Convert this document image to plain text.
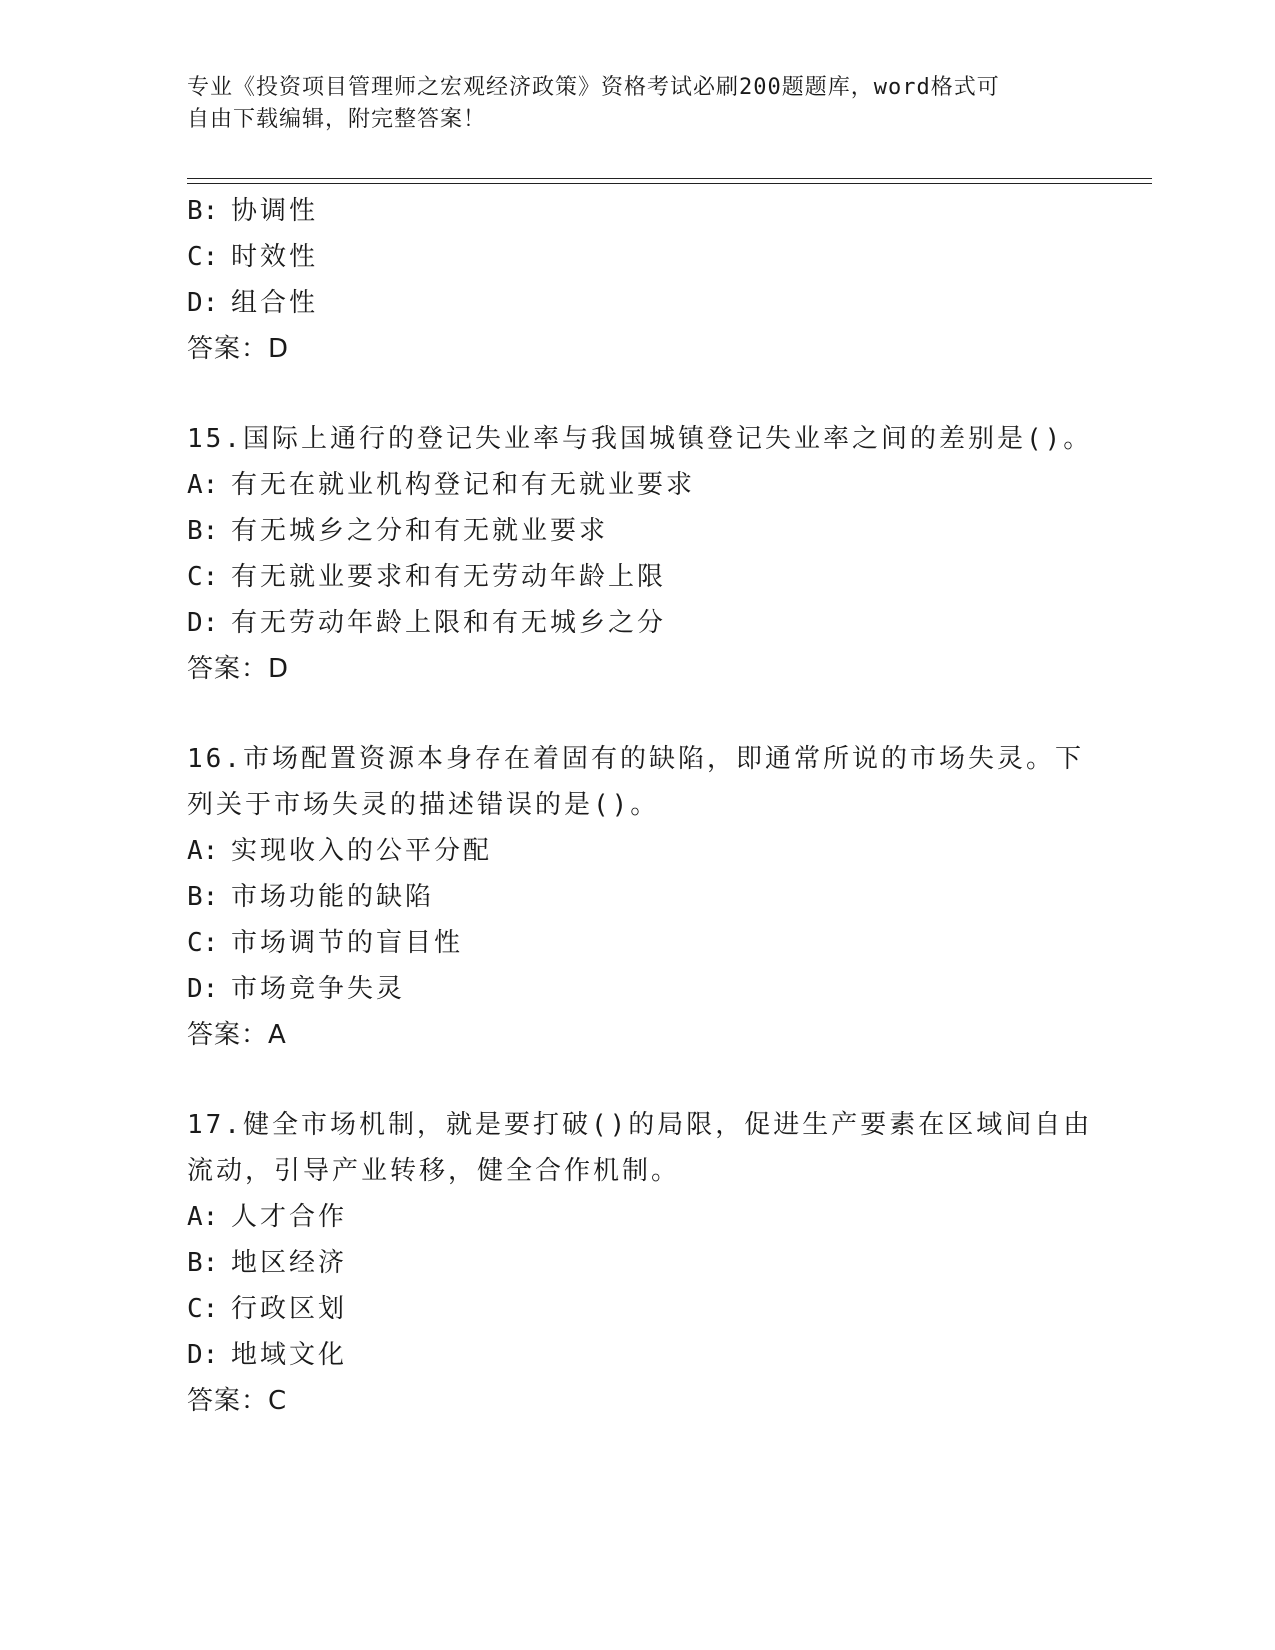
专业《投资项目管理师之宏观经济政策》资格考试必刷200题题库，word格式可
自由下载编辑，附完整答案！
B: 协调性
C: 时效性
D: 组合性
答案：D
15.国际上通行的登记失业率与我国城镇登记失业率之间的差别是()。
A: 有无在就业机构登记和有无就业要求
B: 有无城乡之分和有无就业要求
C: 有无就业要求和有无劳动年龄上限
D: 有无劳动年龄上限和有无城乡之分
答案：D
16.市场配置资源本身存在着固有的缺陷，即通常所说的市场失灵。下
列关于市场失灵的描述错误的是()。
A: 实现收入的公平分配
B: 市场功能的缺陷
C: 市场调节的盲目性
D: 市场竞争失灵
答案：A
17.健全市场机制，就是要打破()的局限，促进生产要素在区域间自由
流动，引导产业转移，健全合作机制。
A: 人才合作
B: 地区经济
C: 行政区划
D: 地域文化
答案：C
